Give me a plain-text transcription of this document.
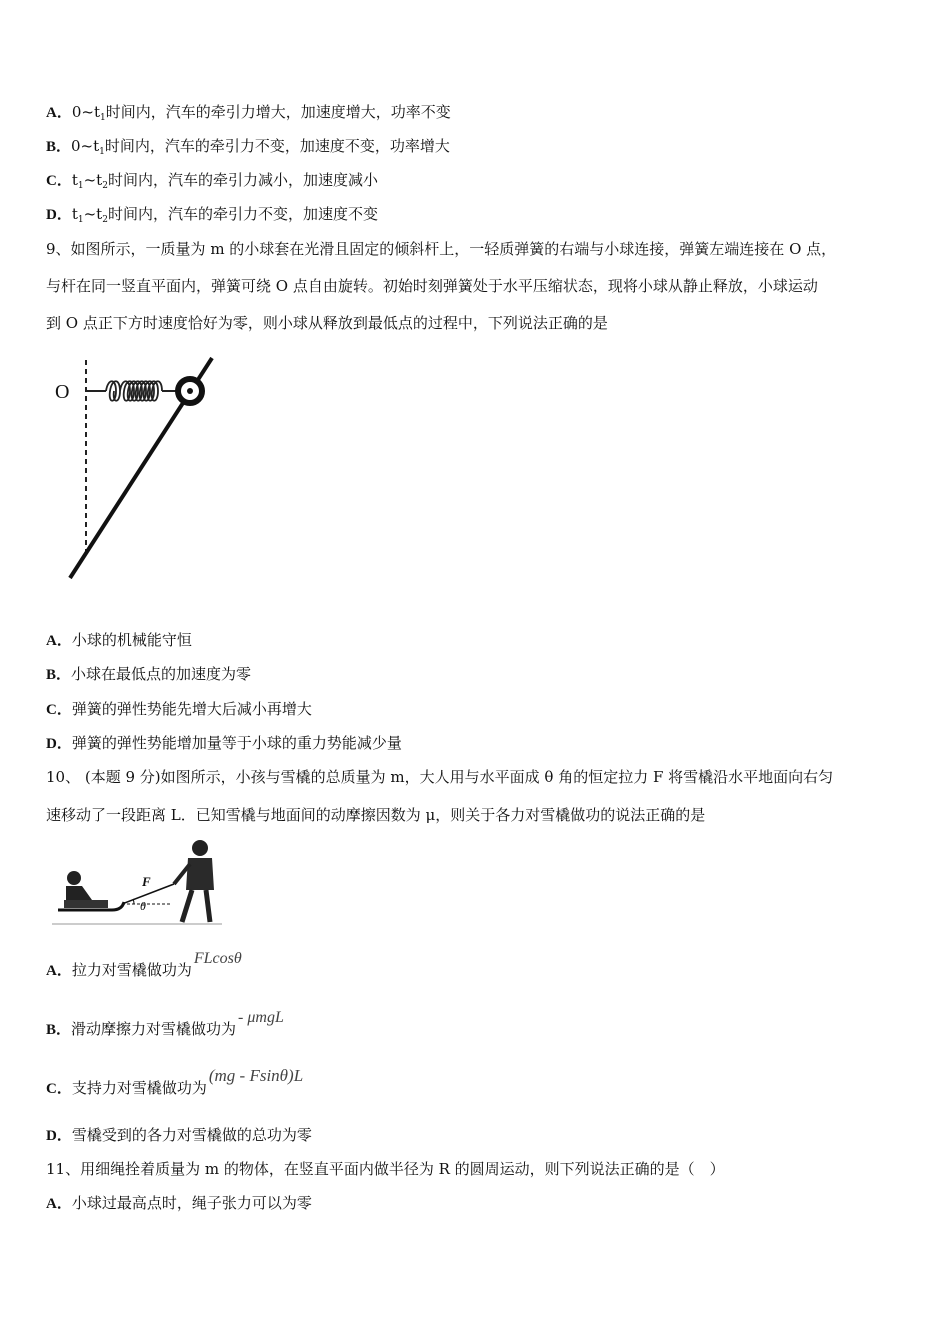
A．$0\sim t_1$时间内，汽车的牵引力增大，加速度增大，功率不变
B．$0\sim t_1$时间内，汽车的牵引力不变，加速度不变，功率增大
C．$t_1\sim t_2$时间内，汽车的牵引力减小，加速度减小
D．$t_1\sim t_2$时间内，汽车的牵引力不变，加速度不变
9、如图所示，一质量为 m 的小球套在光滑且固定的倾斜杆上，一轻质弹簧的右端与小球连接，弹簧左端连接在 O 点，
与杆在同一竖直平面内，弹簧可绕 O 点自由旋转。初始时刻弹簧处于水平压缩状态，现将小球从静止释放，小球运动
到 O 点正下方时速度恰好为零，则小球从释放到最低点的过程中，下列说法正确的是
O
A．小球的机械能守恒
B．小球在最低点的加速度为零
C．弹簧的弹性势能先增大后减小再增大
D．弹簧的弹性势能增加量等于小球的重力势能减少量
10、 (本题 9 分)如图所示，小孩与雪橇的总质量为 m，大人用与水平面成 θ 角的恒定拉力 F 将雪橇沿水平地面向右匀
速移动了一段距离 L．已知雪橇与地面间的动摩擦因数为 μ，则关于各力对雪橇做功的说法正确的是
F
θ
A．拉力对雪橇做功为FLcosθ
B．滑动摩擦力对雪橇做功为- μmgL
C．支持力对雪橇做功为(mg - Fsinθ)L
D．雪橇受到的各力对雪橇做的总功为零
11、用细绳拴着质量为 m 的物体，在竖直平面内做半径为 R 的圆周运动，则下列说法正确的是（　）
A．小球过最高点时，绳子张力可以为零
